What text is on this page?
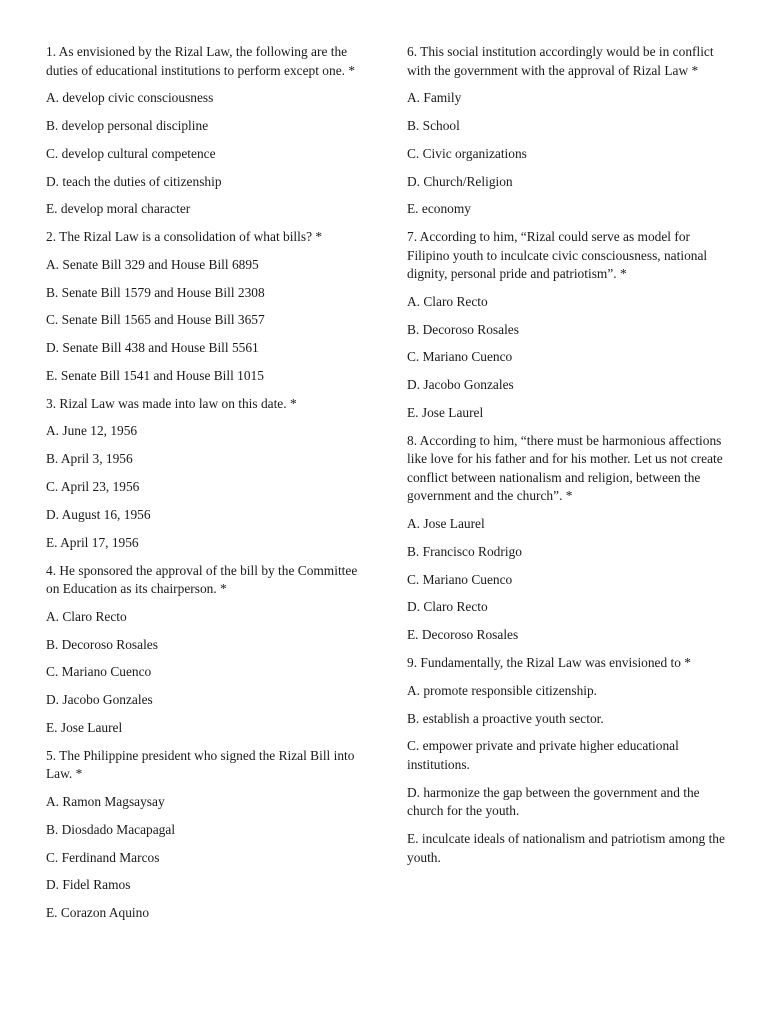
1. As envisioned by the Rizal Law, the following are the duties of educational institutions to perform except one. *
A. develop civic consciousness
B. develop personal discipline
C. develop cultural competence
D. teach the duties of citizenship
E. develop moral character
2. The Rizal Law is a consolidation of what bills? *
A. Senate Bill 329 and House Bill 6895
B. Senate Bill 1579 and House Bill 2308
C. Senate Bill 1565 and House Bill 3657
D. Senate Bill 438 and House Bill 5561
E. Senate Bill 1541 and House Bill 1015
3. Rizal Law was made into law on this date. *
A. June 12, 1956
B. April 3, 1956
C. April 23, 1956
D. August 16, 1956
E. April 17, 1956
4. He sponsored the approval of the bill by the Committee on Education as its chairperson. *
A. Claro Recto
B. Decoroso Rosales
C. Mariano Cuenco
D. Jacobo Gonzales
E. Jose Laurel
5. The Philippine president who signed the Rizal Bill into Law. *
A. Ramon Magsaysay
B. Diosdado Macapagal
C. Ferdinand Marcos
D. Fidel Ramos
E. Corazon Aquino
6. This social institution accordingly would be in conflict with the government with the approval of Rizal Law *
A. Family
B. School
C. Civic organizations
D. Church/Religion
E. economy
7. According to him, “Rizal could serve as model for Filipino youth to inculcate civic consciousness, national dignity, personal pride and patriotism”. *
A. Claro Recto
B. Decoroso Rosales
C. Mariano Cuenco
D. Jacobo Gonzales
E. Jose Laurel
8. According to him, “there must be harmonious affections like love for his father and for his mother. Let us not create conflict between nationalism and religion, between the government and the church”. *
A. Jose Laurel
B. Francisco Rodrigo
C. Mariano Cuenco
D. Claro Recto
E. Decoroso Rosales
9. Fundamentally, the Rizal Law was envisioned to *
A. promote responsible citizenship.
B. establish a proactive youth sector.
C. empower private and private higher educational institutions.
D. harmonize the gap between the government and the church for the youth.
E. inculcate ideals of nationalism and patriotism among the youth.
